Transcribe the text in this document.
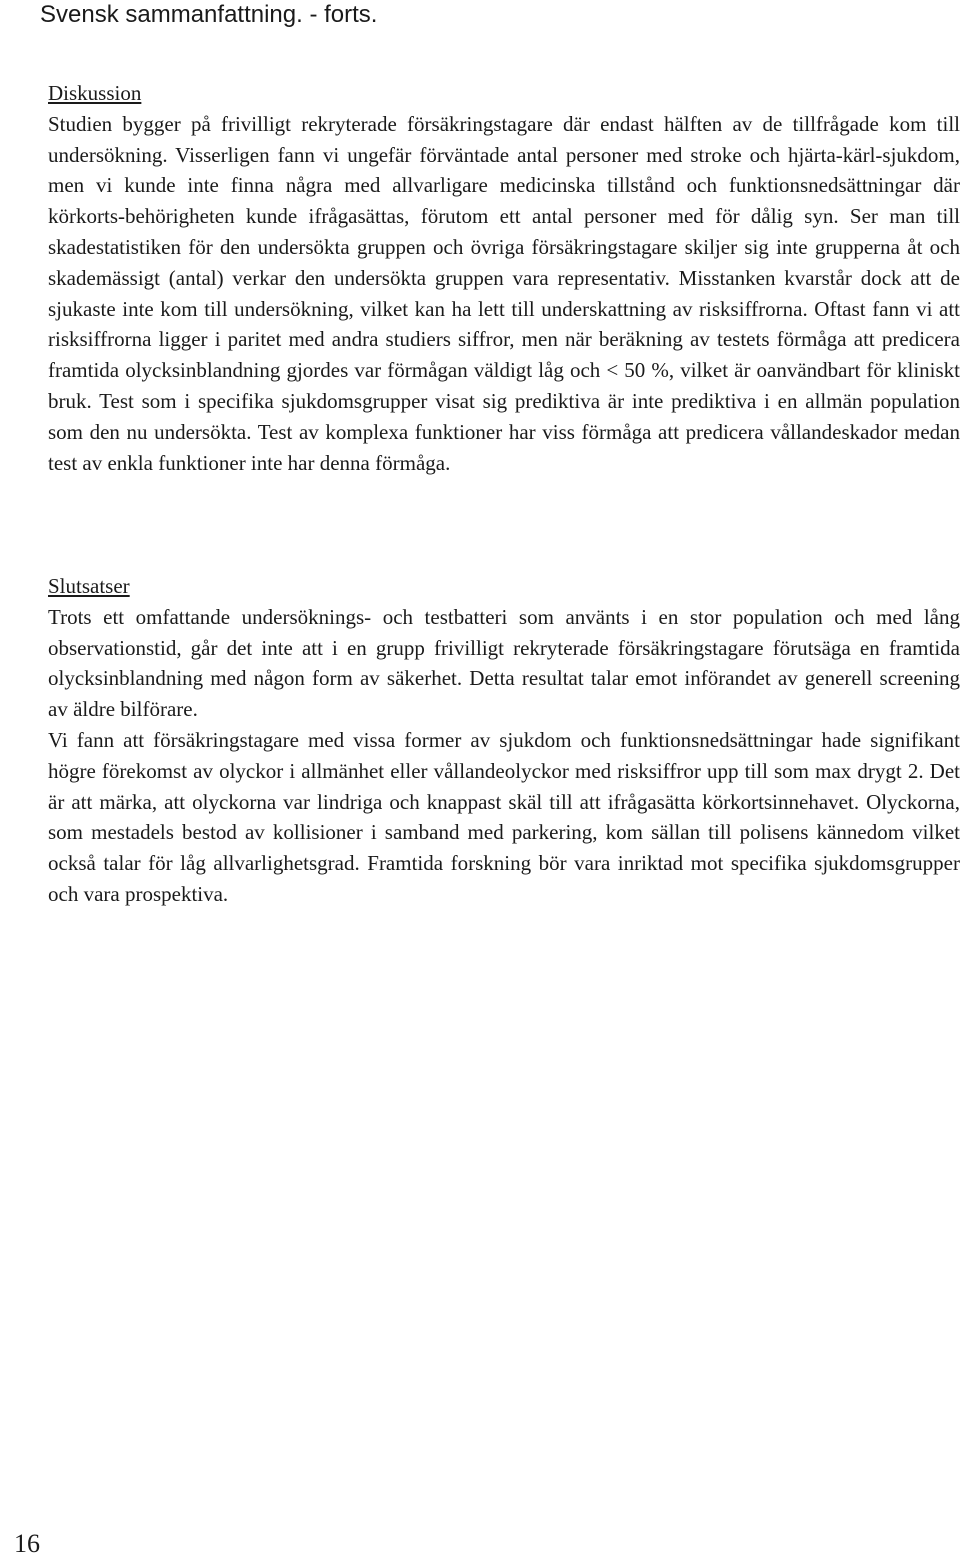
Svensk sammanfattning. - forts.
Diskussion

Studien bygger på frivilligt rekryterade försäkringstagare där endast hälften av de tillfrågade kom till undersökning. Visserligen fann vi ungefär förväntade antal personer med stroke och hjärta-kärl-sjukdom, men vi kunde inte finna några med allvarligare medicinska tillstånd och funktionsnedsättningar där körkorts-behörigheten kunde ifrågasättas, förutom ett antal personer med för dålig syn. Ser man till skadestatistiken för den undersökta gruppen och övriga försäkringstagare skiljer sig inte grupperna åt och skademässigt (antal) verkar den undersökta gruppen vara representativ. Misstanken kvarstår dock att de sjukaste inte kom till undersökning, vilket kan ha lett till underskattning av risksiffrorna. Oftast fann vi att risksiffrorna ligger i paritet med andra studiers siffror, men när beräkning av testets förmåga att predicera framtida olycksinblandning gjordes var förmågan väldigt låg och < 50 %, vilket är oanvändbart för kliniskt bruk. Test som i specifika sjukdomsgrupper visat sig prediktiva är inte prediktiva i en allmän population som den nu undersökta. Test av komplexa funktioner har viss förmåga att predicera vållandeskador medan test av enkla funktioner inte har denna förmåga.

Slutsatser

Trots ett omfattande undersöknings- och testbatteri som använts i en stor population och med lång observationstid, går det inte att i en grupp frivilligt rekryterade försäkringstagare förutsäga en framtida olycksinblandning med någon form av säkerhet. Detta resultat talar emot införandet av generell screening av äldre bilförare.

Vi fann att försäkringstagare med vissa former av sjukdom och funktionsnedsättningar hade signifikant högre förekomst av olyckor i allmänhet eller vållandeolyckor med risksiffror upp till som max drygt 2. Det är att märka, att olyckorna var lindriga och knappast skäl till att ifrågasätta körkortsinnehavet. Olyckorna, som mestadels bestod av kollisioner i samband med parkering, kom sällan till polisens kännedom vilket också talar för låg allvarlighetsgrad. Framtida forskning bör vara inriktad mot specifika sjukdomsgrupper och vara prospektiva.

16
